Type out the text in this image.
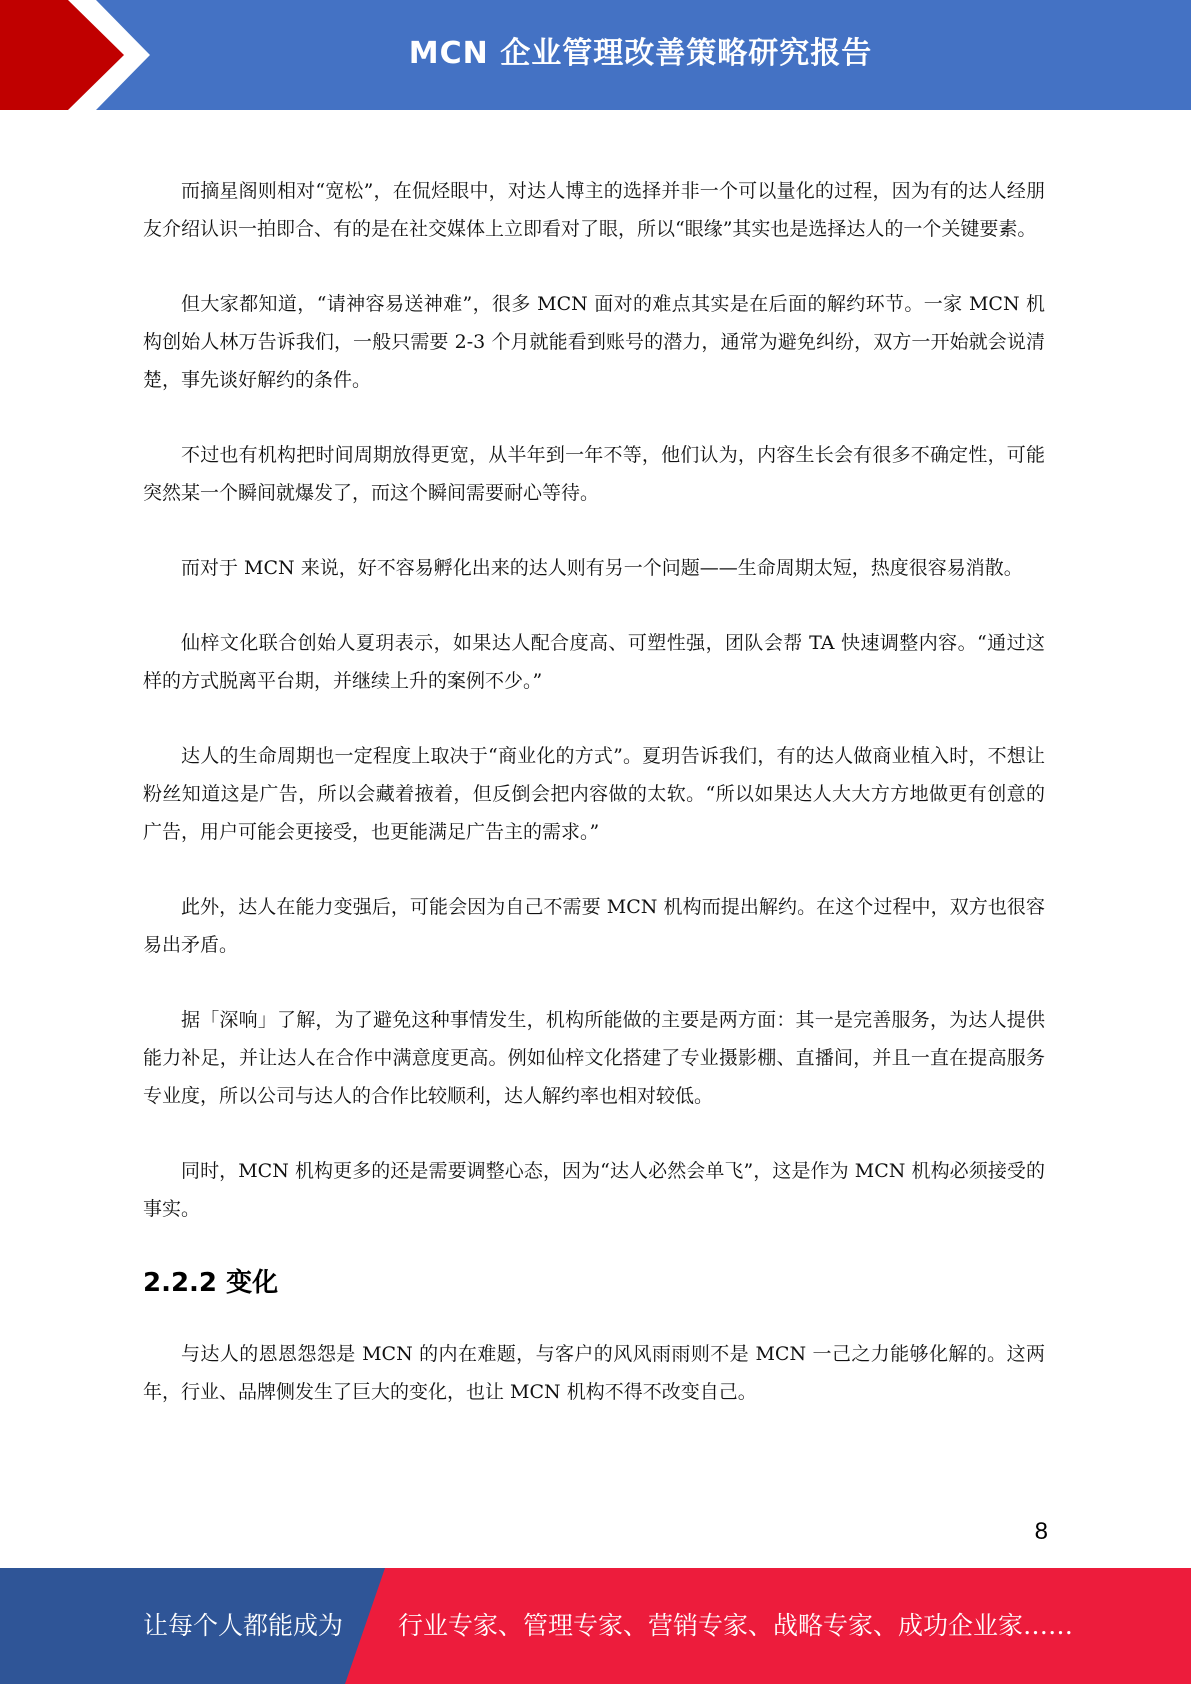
MCN 企业管理改善策略研究报告

而摘星阁则相对“宽松”，在侃烃眼中，对达人博主的选择并非一个可以量化的过程，因为有的达人经朋友介绍认识一拍即合、有的是在社交媒体上立即看对了眼，所以“眼缘”其实也是选择达人的一个关键要素。

但大家都知道，“请神容易送神难”，很多 MCN 面对的难点其实是在后面的解约环节。一家 MCN 机构创始人林万告诉我们，一般只需要 2-3 个月就能看到账号的潜力，通常为避免纠纷，双方一开始就会说清楚，事先谈好解约的条件。

不过也有机构把时间周期放得更宽，从半年到一年不等，他们认为，内容生长会有很多不确定性，可能突然某一个瞬间就爆发了，而这个瞬间需要耐心等待。

而对于 MCN 来说，好不容易孵化出来的达人则有另一个问题——生命周期太短，热度很容易消散。

仙梓文化联合创始人夏玥表示，如果达人配合度高、可塑性强，团队会帮 TA 快速调整内容。“通过这样的方式脱离平台期，并继续上升的案例不少。”

达人的生命周期也一定程度上取决于“商业化的方式”。夏玥告诉我们，有的达人做商业植入时，不想让粉丝知道这是广告，所以会藏着掖着，但反倒会把内容做的太软。“所以如果达人大大方方地做更有创意的广告，用户可能会更接受，也更能满足广告主的需求。”

此外，达人在能力变强后，可能会因为自己不需要 MCN 机构而提出解约。在这个过程中，双方也很容易出矛盾。

据「深响」了解，为了避免这种事情发生，机构所能做的主要是两方面：其一是完善服务，为达人提供能力补足，并让达人在合作中满意度更高。例如仙梓文化搭建了专业摄影棚、直播间，并且一直在提高服务专业度，所以公司与达人的合作比较顺利，达人解约率也相对较低。

同时，MCN 机构更多的还是需要调整心态，因为“达人必然会单飞”，这是作为 MCN 机构必须接受的事实。

2.2.2 变化

与达人的恩恩怨怨是 MCN 的内在难题，与客户的风风雨雨则不是 MCN 一己之力能够化解的。这两年，行业、品牌侧发生了巨大的变化，也让 MCN 机构不得不改变自己。

8
让每个人都能成为 行业专家、管理专家、营销专家、战略专家、成功企业家……
